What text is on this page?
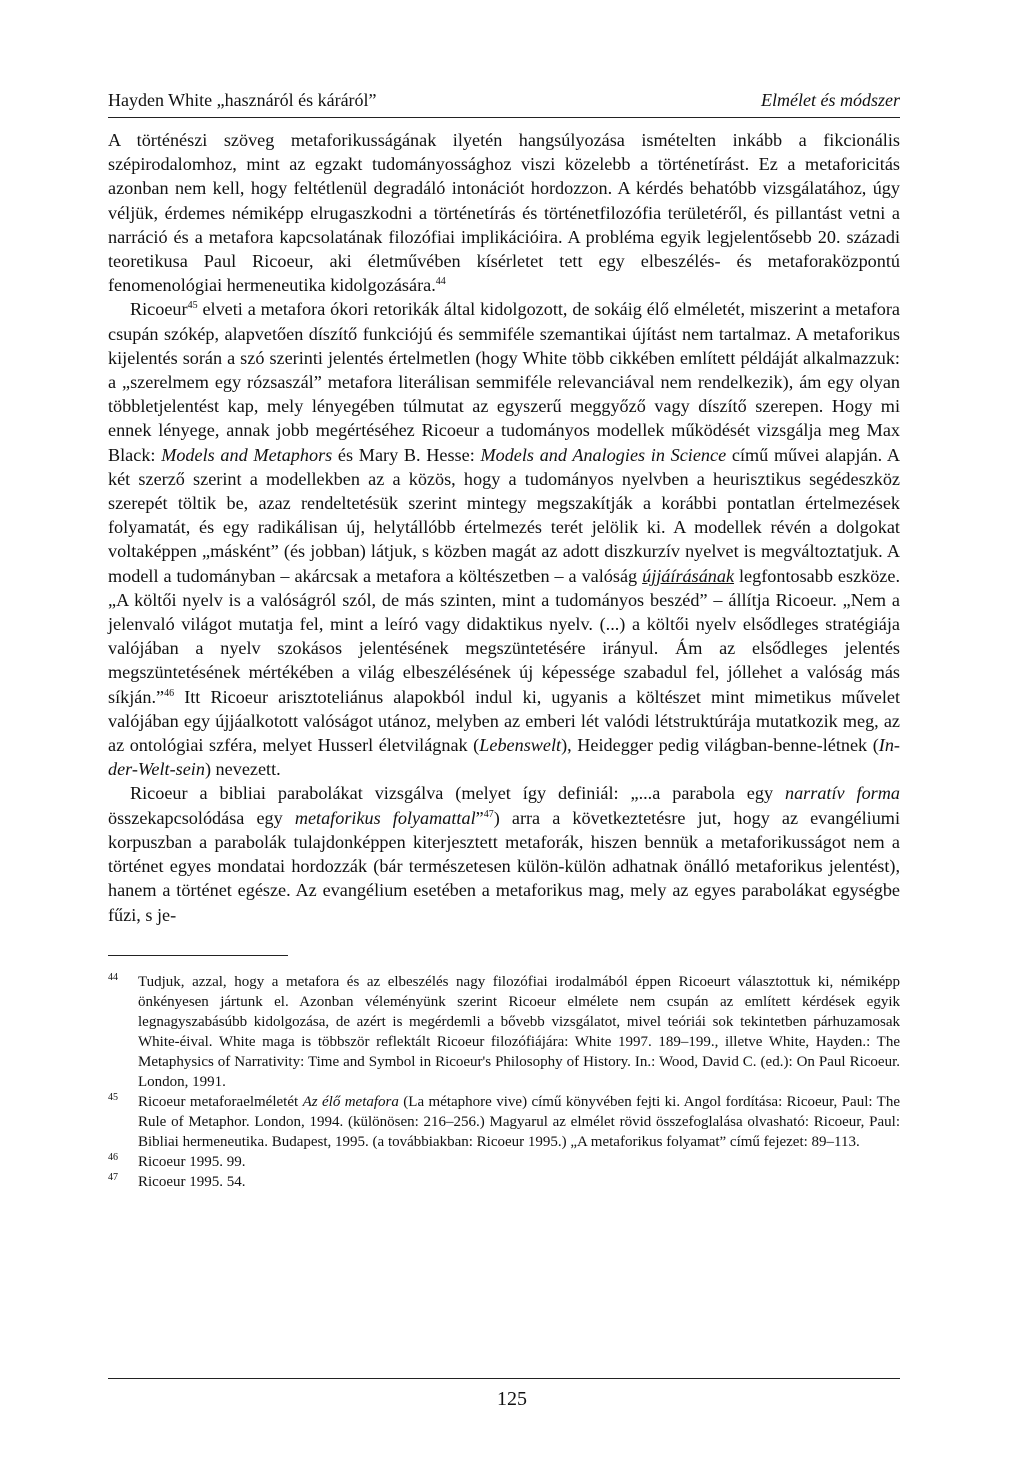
Hayden White „hasznáról és káráról”	Elmélet és módszer

A történészi szöveg metaforikusságának ilyetén hangsúlyozása ismételten inkább a fikcionális szépirodalomhoz, mint az egzakt tudományossághoz viszi közelebb a történetírást. Ez a metaforicitás azonban nem kell, hogy feltétlenül degradáló intonációt hordozzon. A kérdés behatóbb vizsgálatához, úgy véljük, érdemes némiképp elrugaszkodni a történetírás és történetfilozófia területéről, és pillantást vetni a narráció és a metafora kapcsolatának filozófiai implikációira. A probléma egyik legjelentősebb 20. századi teoretikusa Paul Ricoeur, aki életművében kísérletet tett egy elbeszélés- és metaforaközpontú fenomenológiai hermeneutika kidolgozására.$^{44}$

Ricoeur$^{45}$ elveti a metafora ókori retorikák által kidolgozott, de sokáig élő elméletét, miszerint a metafora csupán szókép, alapvetően díszítő funkciójú és semmiféle szemantikai újítást nem tartalmaz. A metaforikus kijelentés során a szó szerinti jelentés értelmetlen (hogy White több cikkében említett példáját alkalmazzuk: a „szerelmem egy rózsaszál” metafora literálisan semmiféle relevanciával nem rendelkezik), ám egy olyan többletjelentést kap, mely lényegében túlmutat az egyszerű meggyőző vagy díszítő szerepen. Hogy mi ennek lényege, annak jobb megértéséhez Ricoeur a tudományos modellek működését vizsgálja meg Max Black: Models and Metaphors és Mary B. Hesse: Models and Analogies in Science című művei alapján. A két szerző szerint a modellekben az a közös, hogy a tudományos nyelvben a heurisztikus segédeszköz szerepét töltik be, azaz rendeltetésük szerint mintegy megszakítják a korábbi pontatlan értelmezések folyamatát, és egy radikálisan új, helytállóbb értelmezés terét jelölik ki. A modellek révén a dolgokat voltaképpen „másként” (és jobban) látjuk, s közben magát az adott diszkurzív nyelvet is megváltoztatjuk. A modell a tudományban – akárcsak a metafora a költészetben – a valóság újjáírásának legfontosabb eszköze. „A költői nyelv is a valóságról szól, de más szinten, mint a tudományos beszéd” – állítja Ricoeur. „Nem a jelenvaló világot mutatja fel, mint a leíró vagy didaktikus nyelv. (...) a költői nyelv elsődleges stratégiája valójában a nyelv szokásos jelentésének megszüntetésére irányul. Ám az elsődleges jelentés megszüntetésének mértékében a világ elbeszélésének új képessége szabadul fel, jóllehet a valóság más síkján.”$^{46}$ Itt Ricoeur arisztoteliánus alapokból indul ki, ugyanis a költészet mint mimetikus művelet valójában egy újjáalkotott valóságot utánoz, melyben az emberi lét valódi létstruktúrája mutatkozik meg, az az ontológiai szféra, melyet Husserl életvilágnak (Lebenswelt), Heidegger pedig világban-benne-létnek (In-der-Welt-sein) nevezett.

Ricoeur a bibliai parabolákat vizsgálva (melyet így definiál: „...a parabola egy narratív forma összekapcsolódása egy metaforikus folyamattal”$^{47}$) arra a következtetésre jut, hogy az evangéliumi korpuszban a parabolák tulajdonképpen kiterjesztett metaforák, hiszen bennük a metaforikusságot nem a történet egyes mondatai hordozzák (bár természetesen külön-külön adhatnak önálló metaforikus jelentést), hanem a történet egésze. Az evangélium esetében a metaforikus mag, mely az egyes parabolákat egységbe fűzi, s je-

$^{44}$	Tudjuk, azzal, hogy a metafora és az elbeszélés nagy filozófiai irodalmából éppen Ricoeurt választottuk ki, némiképp önkényesen jártunk el. Azonban véleményünk szerint Ricoeur elmélete nem csupán az említett kérdések egyik legnagyszabásúbb kidolgozása, de azért is megérdemli a bővebb vizsgálatot, mivel teóriái sok tekintetben párhuzamosak White-éival. White maga is többször reflektált Ricoeur filozófiájára: White 1997. 189–199., illetve White, Hayden.: The Metaphysics of Narrativity: Time and Symbol in Ricoeur's Philosophy of History. In.: Wood, David C. (ed.): On Paul Ricoeur. London, 1991.
$^{45}$	Ricoeur metaforaelméletét Az élő metafora (La métaphore vive) című könyvében fejti ki. Angol fordítása: Ricoeur, Paul: The Rule of Metaphor. London, 1994. (különösen: 216–256.) Magyarul az elmélet rövid összefoglalása olvasható: Ricoeur, Paul: Bibliai hermeneutika. Budapest, 1995. (a továbbiakban: Ricoeur 1995.) „A metaforikus folyamat” című fejezet: 89–113.
$^{46}$	Ricoeur 1995. 99.
$^{47}$	Ricoeur 1995. 54.
125
